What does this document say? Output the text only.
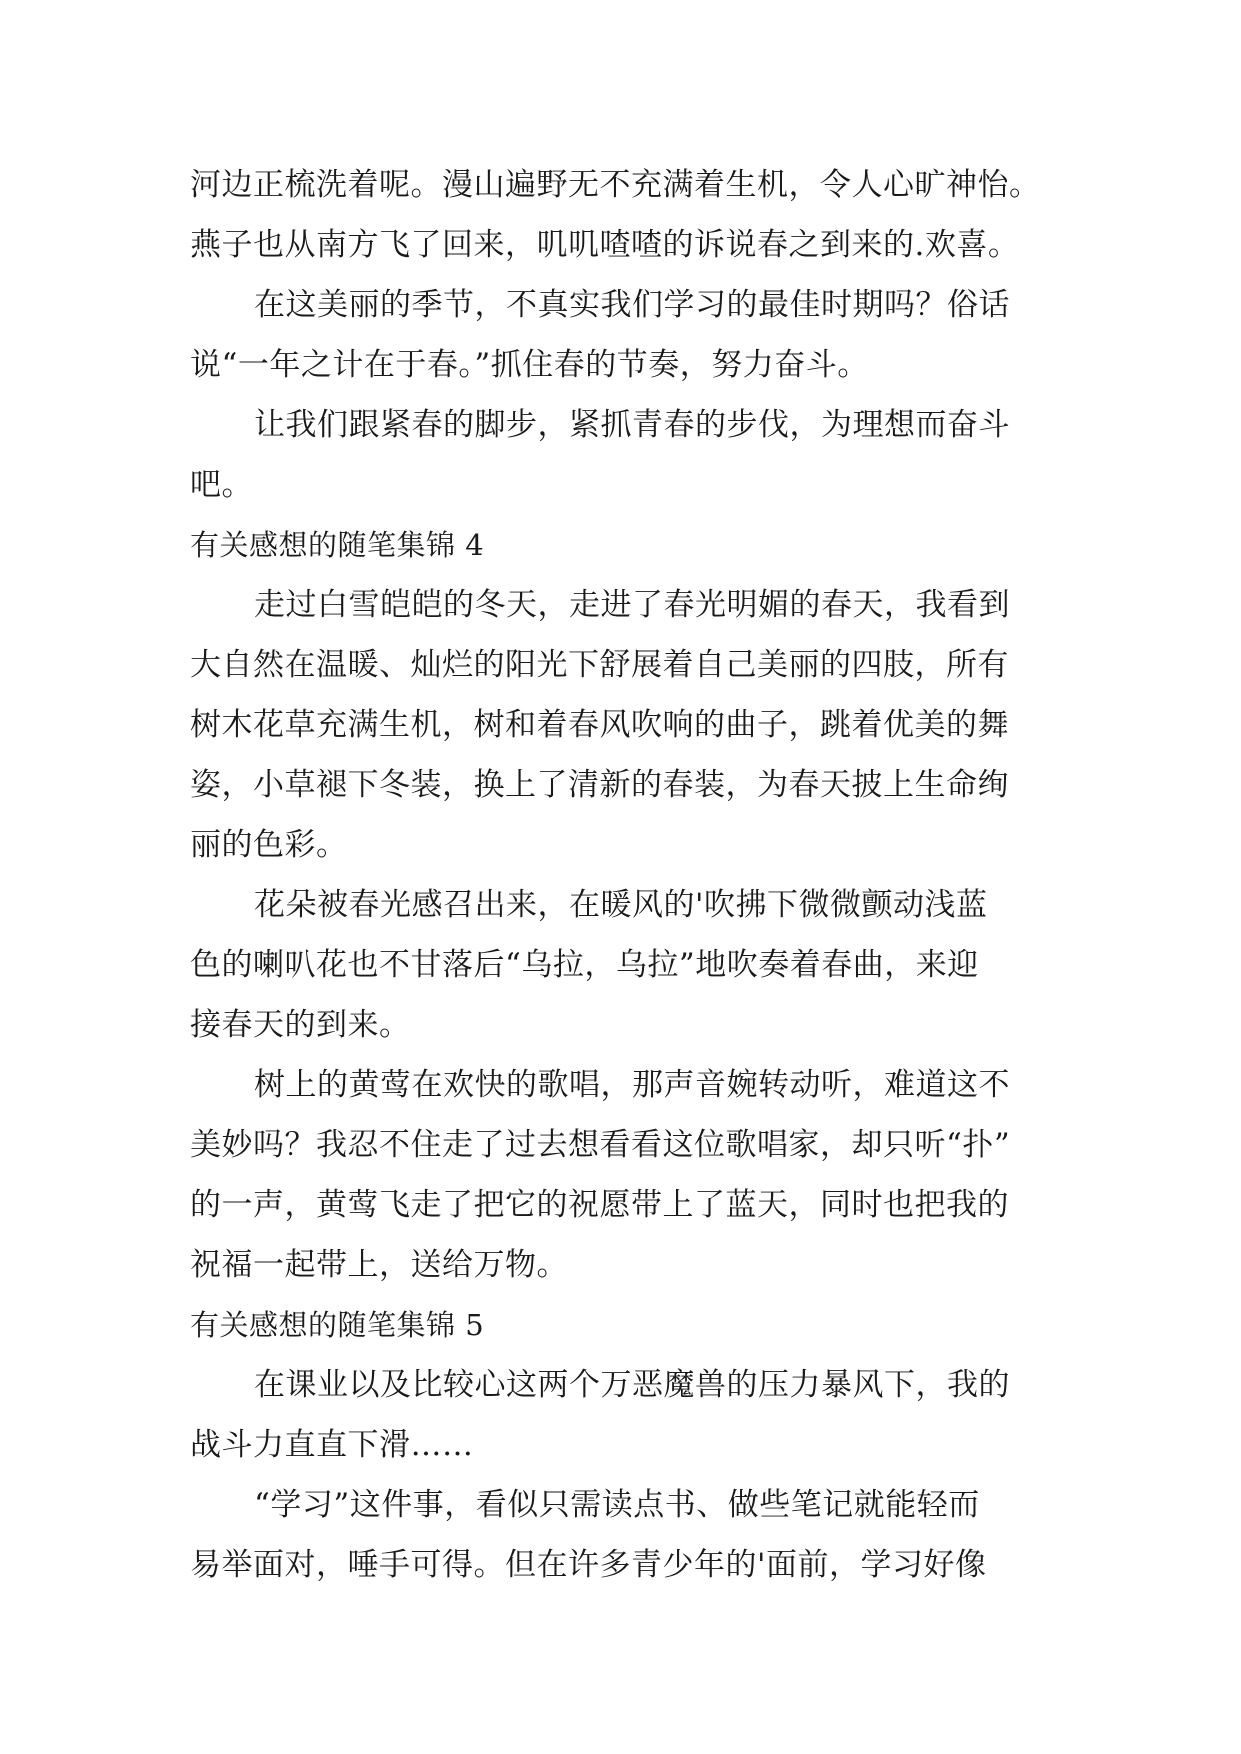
河边正梳洗着呢。漫山遍野无不充满着生机，令人心旷神怡。
燕子也从南方飞了回来，叽叽喳喳的诉说春之到来的.欢喜。
在这美丽的季节，不真实我们学习的最佳时期吗？俗话
说“一年之计在于春。”抓住春的节奏，努力奋斗。
让我们跟紧春的脚步，紧抓青春的步伐，为理想而奋斗
吧。
有关感想的随笔集锦 4
走过白雪皑皑的冬天，走进了春光明媚的春天，我看到
大自然在温暖、灿烂的阳光下舒展着自己美丽的四肢，所有
树木花草充满生机，树和着春风吹响的曲子，跳着优美的舞
姿，小草褪下冬装，换上了清新的春装，为春天披上生命绚
丽的色彩。
花朵被春光感召出来，在暖风的'吹拂下微微颤动浅蓝
色的喇叭花也不甘落后“乌拉，乌拉”地吹奏着春曲，来迎
接春天的到来。
树上的黄莺在欢快的歌唱，那声音婉转动听，难道这不
美妙吗？我忍不住走了过去想看看这位歌唱家，却只听“扑”
的一声，黄莺飞走了把它的祝愿带上了蓝天，同时也把我的
祝福一起带上，送给万物。
有关感想的随笔集锦 5
在课业以及比较心这两个万恶魔兽的压力暴风下，我的
战斗力直直下滑……
“学习”这件事，看似只需读点书、做些笔记就能轻而
易举面对，唾手可得。但在许多青少年的'面前，学习好像
